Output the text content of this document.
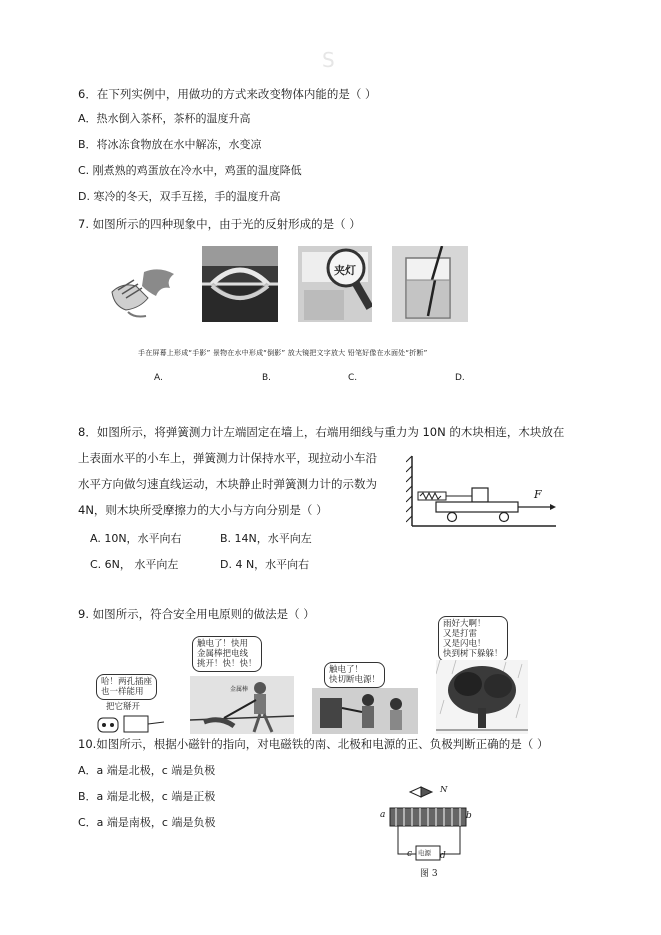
S
6．在下列实例中，用做功的方式来改变物体内能的是（ ）
A．热水倒入茶杯，茶杯的温度升高
B．将冰冻食物放在水中解冻，水变凉
C. 刚煮熟的鸡蛋放在冷水中，鸡蛋的温度降低
D. 寒冷的冬天，双手互搓，手的温度升高
7. 如图所示的四种现象中，由于光的反射形成的是（ ）
夹灯
手在屏幕上形成“手影” 景物在水中形成“倒影” 放大镜把文字放大 铅笔好像在水面处“折断”
A.	B.	C.	D.
8．如图所示，将弹簧测力计左端固定在墙上，右端用细线与重力为 10N 的木块相连，木块放在
上表面水平的小车上，弹簧测力计保持水平，现拉动小车沿
水平方向做匀速直线运动，木块静止时弹簧测力计的示数为
4N，则木块所受摩擦力的大小与方向分别是（ ）
A. 10N，水平向右	B. 14N，水平向左
C. 6N， 水平向左	D. 4 N，水平向右
F
9. 如图所示，符合安全用电原则的做法是（ ）
哈！两孔插座
也一样能用
把它掰开
触电了！快用
金属棒把电线
挑开！快！快！
金属棒
触电了！
快切断电源！
雨好大啊！
又是打雷
又是闪电！
快到树下躲躲！
10.如图所示，根据小磁针的指向，对电磁铁的南、北极和电源的正、负极判断正确的是（ ）
A．a 端是北极，c 端是负极
B．a 端是北极，c 端是正极
C．a 端是南极，c 端是负极
N
a	b
c	d
电源
图 3
